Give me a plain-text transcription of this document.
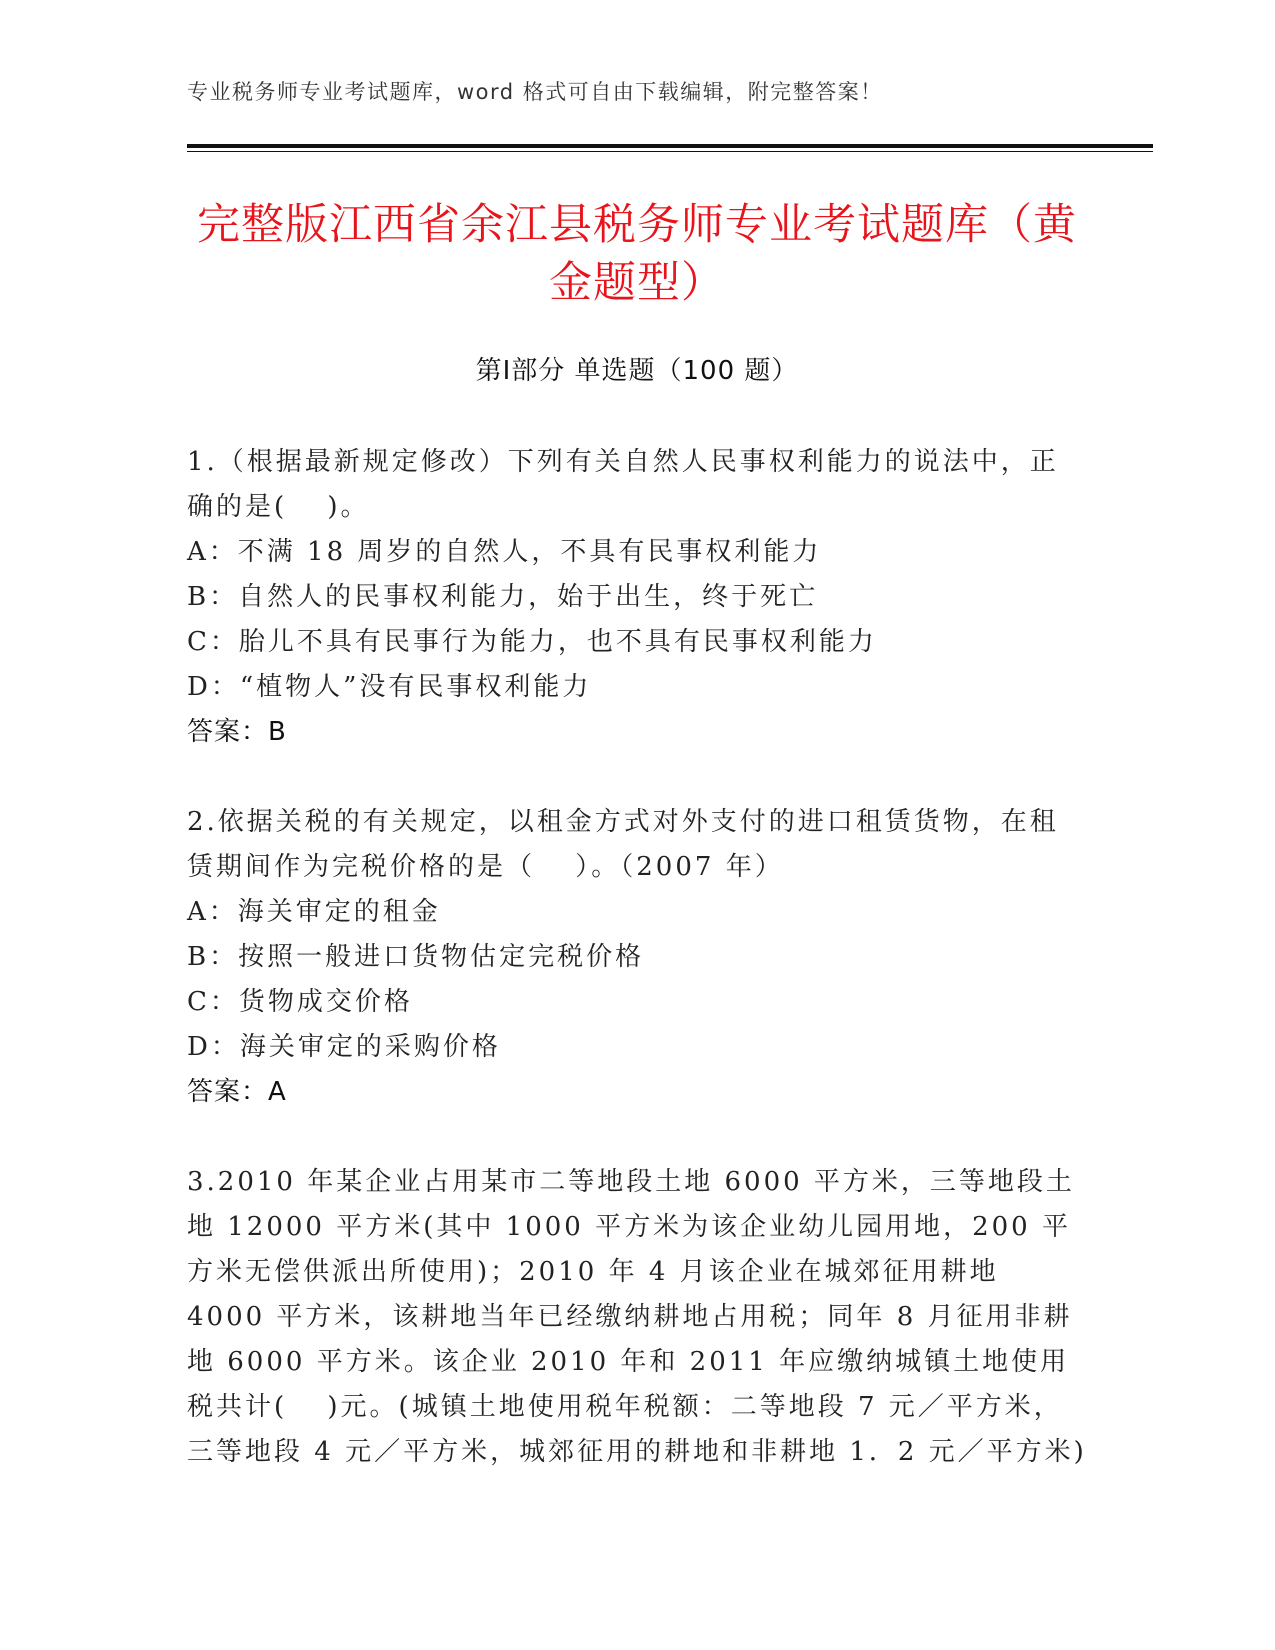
专业税务师专业考试题库，word 格式可自由下载编辑，附完整答案！
完整版江西省余江县税务师专业考试题库（黄金题型）
第Ⅰ部分 单选题（100 题）
1.（根据最新规定修改）下列有关自然人民事权利能力的说法中，正确的是(　 )。
A：不满 18 周岁的自然人，不具有民事权利能力
B：自然人的民事权利能力，始于出生，终于死亡
C：胎儿不具有民事行为能力，也不具有民事权利能力
D：“植物人”没有民事权利能力
答案：B
2.依据关税的有关规定，以租金方式对外支付的进口租赁货物，在租赁期间作为完税价格的是（　 ）。（2007 年）
A：海关审定的租金
B：按照一般进口货物估定完税价格
C：货物成交价格
D：海关审定的采购价格
答案：A
3.2010 年某企业占用某市二等地段土地 6000 平方米，三等地段土地 12000 平方米(其中 1000 平方米为该企业幼儿园用地，200 平方米无偿供派出所使用)；2010 年 4 月该企业在城郊征用耕地 4000 平方米，该耕地当年已经缴纳耕地占用税；同年 8 月征用非耕地 6000 平方米。该企业 2010 年和 2011 年应缴纳城镇土地使用税共计(　 )元。(城镇土地使用税年税额：二等地段 7 元／平方米，三等地段 4 元／平方米，城郊征用的耕地和非耕地 1．2 元／平方米)
